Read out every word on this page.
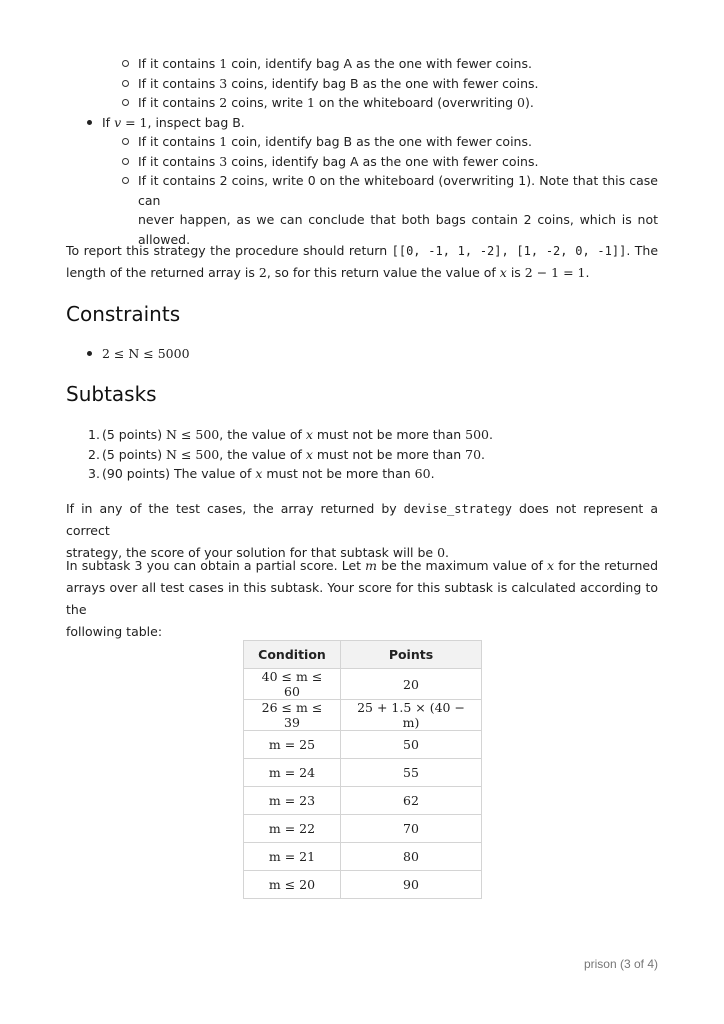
If it contains 1 coin, identify bag A as the one with fewer coins.
If it contains 3 coins, identify bag B as the one with fewer coins.
If it contains 2 coins, write 1 on the whiteboard (overwriting 0).
If v = 1, inspect bag B.
If it contains 1 coin, identify bag B as the one with fewer coins.
If it contains 3 coins, identify bag A as the one with fewer coins.
If it contains 2 coins, write 0 on the whiteboard (overwriting 1). Note that this case can
never happen, as we can conclude that both bags contain 2 coins, which is not
allowed.

To report this strategy the procedure should return [[0, -1, 1, -2], [1, -2, 0, -1]]. The

length of the returned array is 2, so for this return value the value of x is 2 − 1 = 1.

Constraints
2 ≤ N ≤ 5000
Subtasks
1. (5 points) N ≤ 500, the value of x must not be more than 500.
2. (5 points) N ≤ 500, the value of x must not be more than 70.
3. (90 points) The value of x must not be more than 60.

If in any of the test cases, the array returned by devise_strategy does not represent a correct

strategy, the score of your solution for that subtask will be 0.

In subtask 3 you can obtain a partial score. Let m be the maximum value of x for the returned

arrays over all test cases in this subtask. Your score for this subtask is calculated according to the

following table:

Condition	Points
40 ≤ m ≤ 60	20
26 ≤ m ≤ 39	25 + 1.5 × (40 − m)
m = 25	50
m = 24	55
m = 23	62
m = 22	70
m = 21	80
m ≤ 20	90
prison (3 of 4)
